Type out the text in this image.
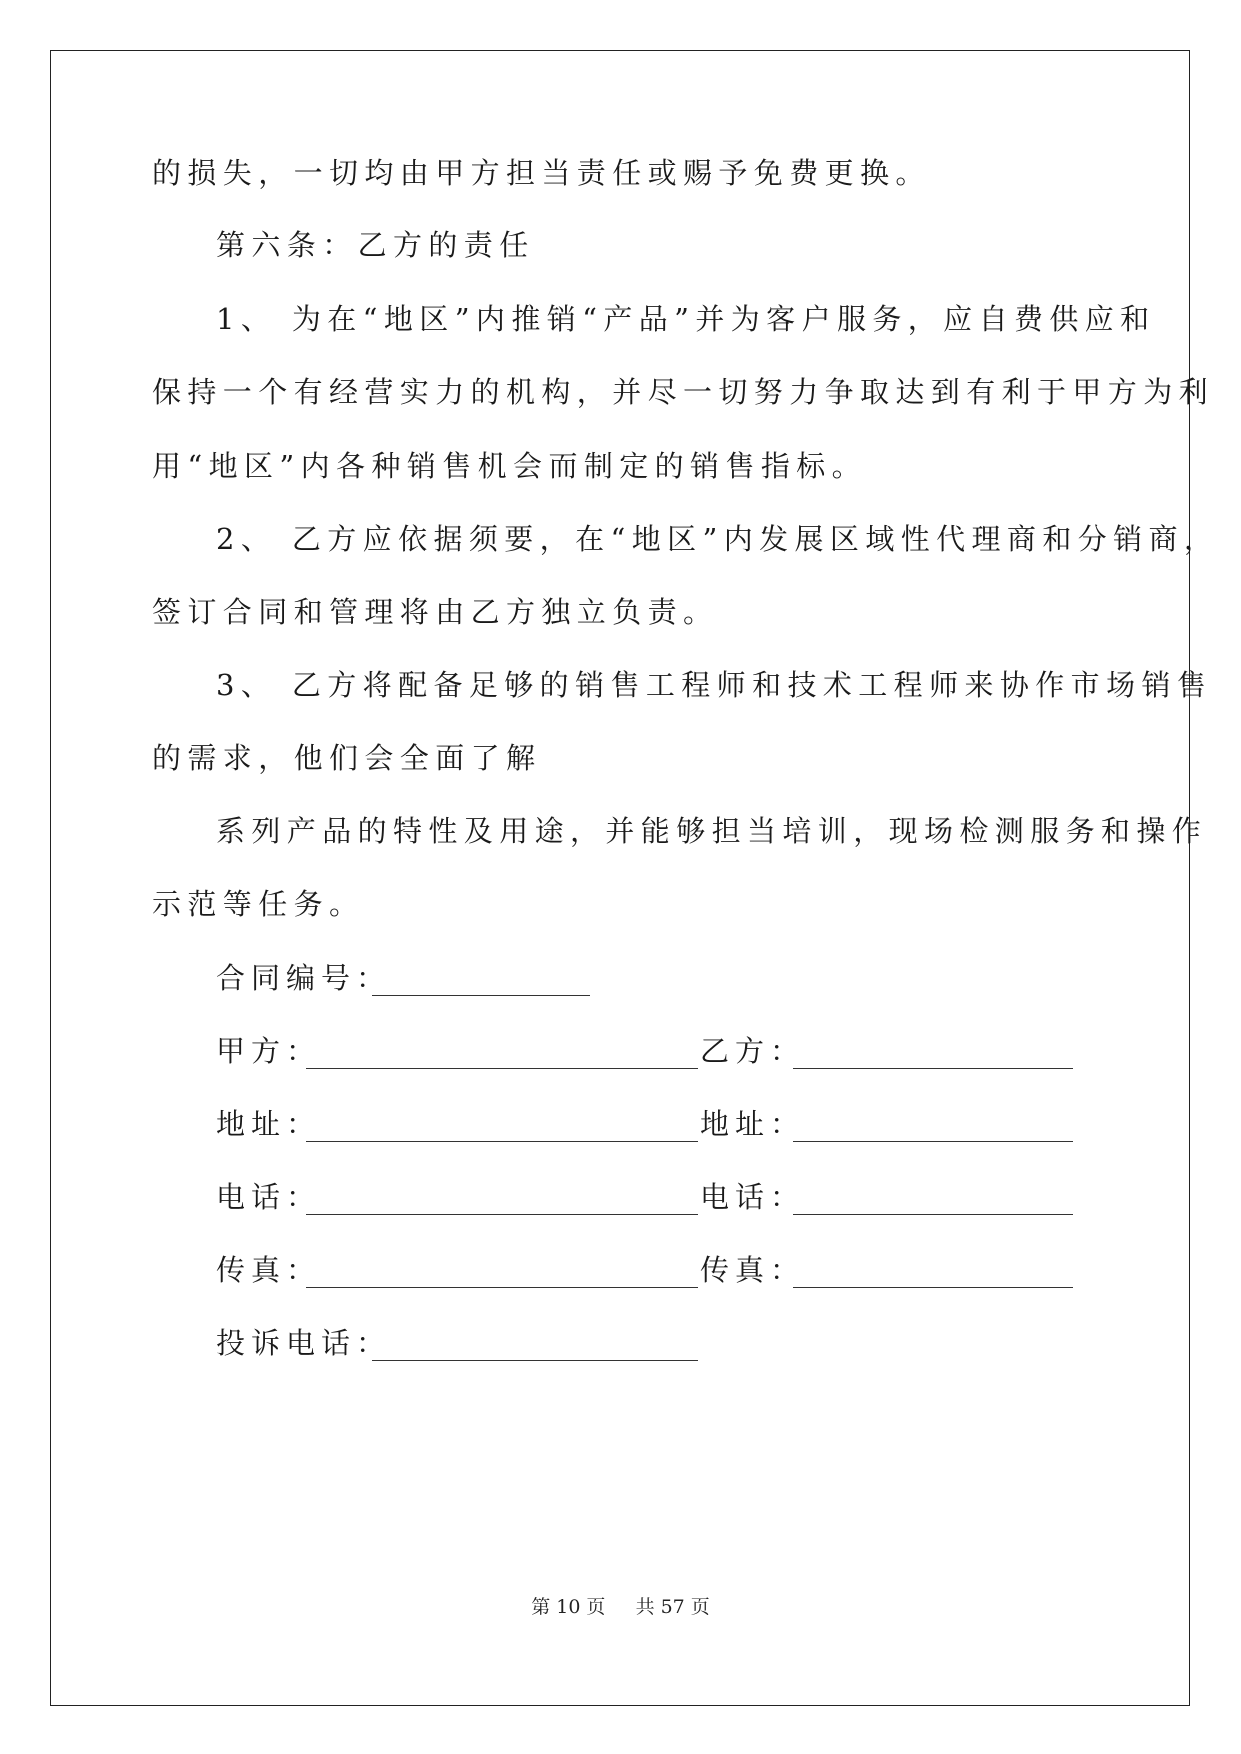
的损失，一切均由甲方担当责任或赐予免费更换。
第六条：乙方的责任
1、 为在“地区”内推销“产品”并为客户服务，应自费供应和
保持一个有经营实力的机构，并尽一切努力争取达到有利于甲方为利
用“地区”内各种销售机会而制定的销售指标。
2、 乙方应依据须要，在“地区”内发展区域性代理商和分销商，
签订合同和管理将由乙方独立负责。
3、 乙方将配备足够的销售工程师和技术工程师来协作市场销售
的需求，他们会全面了解
系列产品的特性及用途，并能够担当培训，现场检测服务和操作
示范等任务。
合同编号：
甲方：	乙方：
地址：	地址：
电话：	电话：
传真：	传真：
投诉电话：
第 10 页 共 57 页
